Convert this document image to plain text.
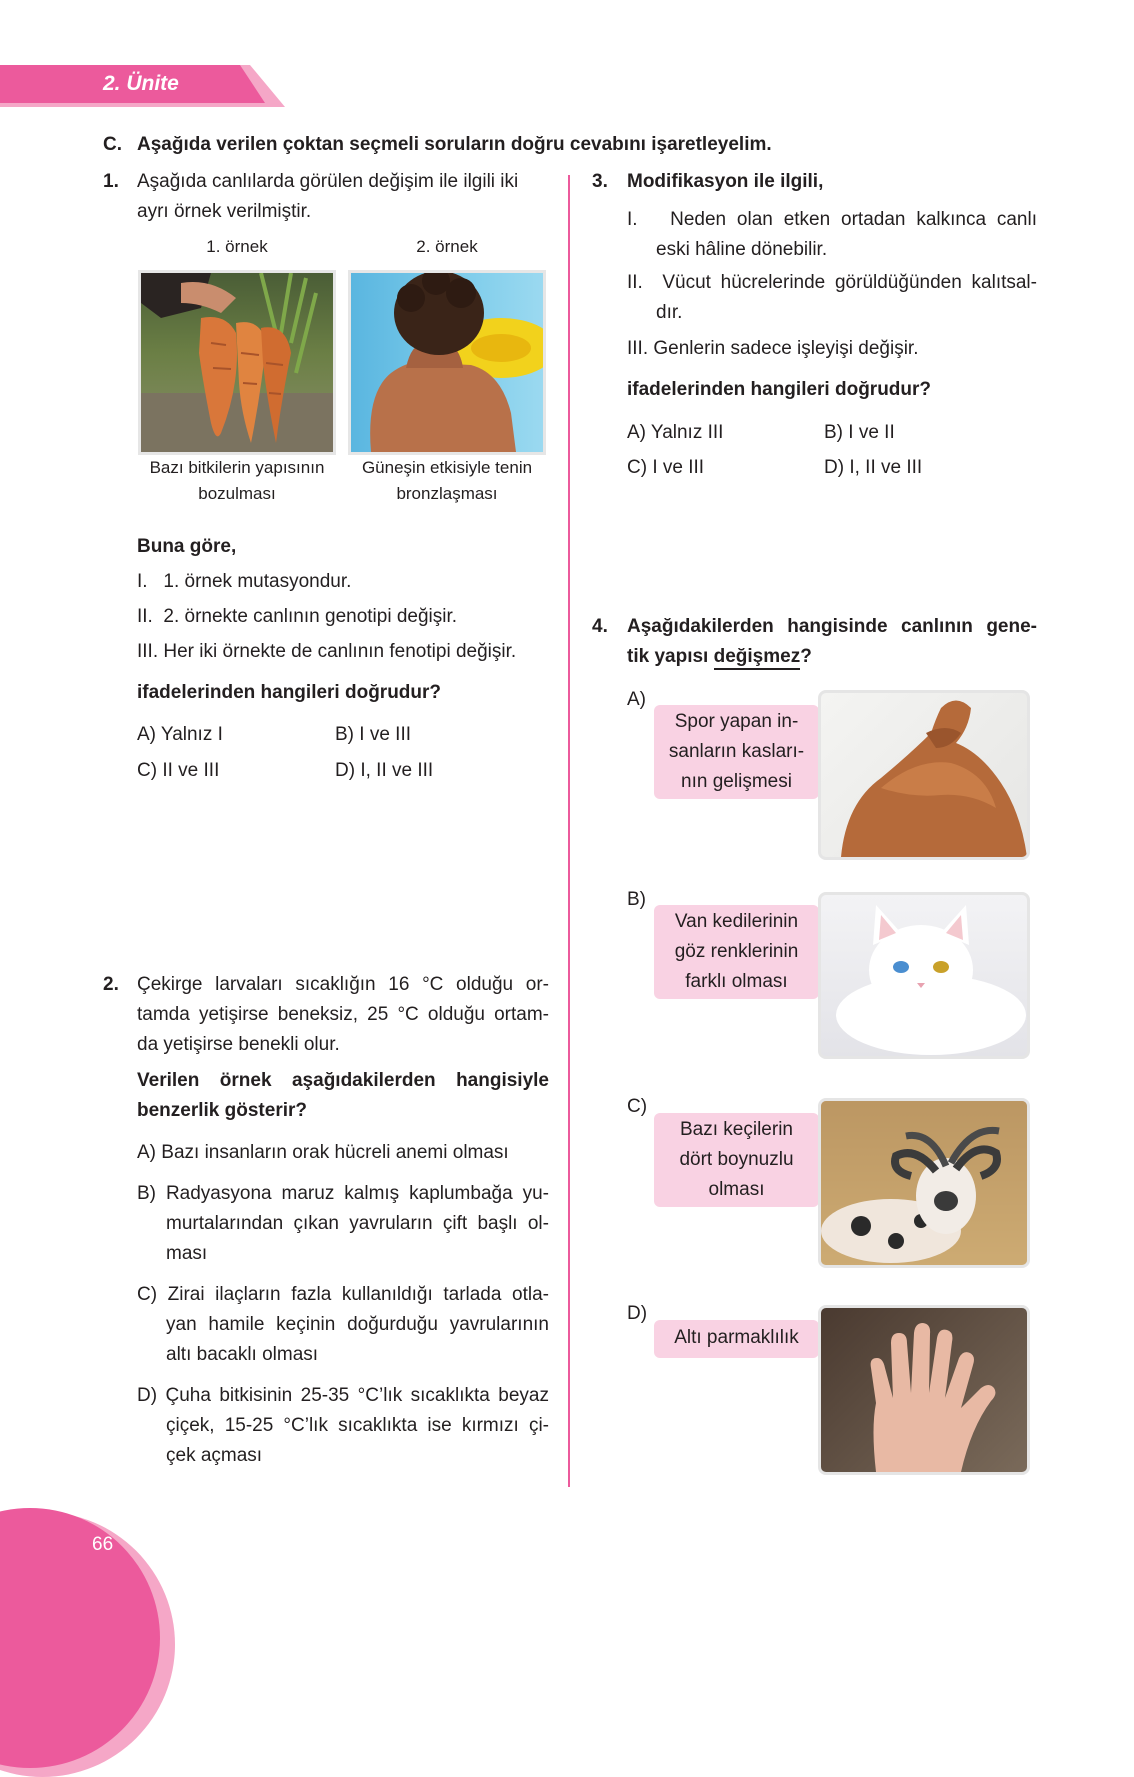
2. Ünite
C. Aşağıda verilen çoktan seçmeli soruların doğru cevabını işaretleyelim.
1. Aşağıda canlılarda görülen değişim ile ilgili iki
ayrı örnek verilmiştir.
1. örnek	2. örnek
Bazı bitkilerin yapısının
bozulması
Güneşin etkisiyle tenin
bronzlaşması
Buna göre,
I.   1. örnek mutasyondur.
II.  2. örnekte canlının genotipi değişir.
III. Her iki örnekte de canlının fenotipi değişir.
ifadelerinden hangileri doğrudur?
A) Yalnız I	B) I ve III
C) II ve III	D) I, II ve III
2. Çekirge larvaları sıcaklığın 16 °C olduğu or-
tamda yetişirse beneksiz, 25 °C olduğu ortam-
da yetişirse benekli olur.
Verilen örnek aşağıdakilerden hangisiyle
benzerlik gösterir?
A) Bazı insanların orak hücreli anemi olması
B) Radyasyona maruz kalmış kaplumbağa yu-
murtalarından çıkan yavruların çift başlı ol-
ması
C) Zirai ilaçların fazla kullanıldığı tarlada otla-
yan hamile keçinin doğurduğu yavrularının
altı bacaklı olması
D) Çuha bitkisinin 25-35 °C’lık sıcaklıkta beyaz
çiçek, 15-25 °C’lık sıcaklıkta ise kırmızı çi-
çek açması
3. Modifikasyon ile ilgili,
I.   Neden olan etken ortadan kalkınca canlı
eski hâline dönebilir.
II.  Vücut hücrelerinde görüldüğünden kalıtsal-
dır.
III. Genlerin sadece işleyişi değişir.
ifadelerinden hangileri doğrudur?
A) Yalnız III	B) I ve II
C) I ve III	D) I, II ve III
4. Aşağıdakilerden hangisinde canlının gene-
tik yapısı değişmez?
A)
Spor yapan in-
sanların kasları-
nın gelişmesi
B)
Van kedilerinin
göz renklerinin
farklı olması
C)
Bazı keçilerin
dört boynuzlu
olması
D)
Altı parmaklılık
66
